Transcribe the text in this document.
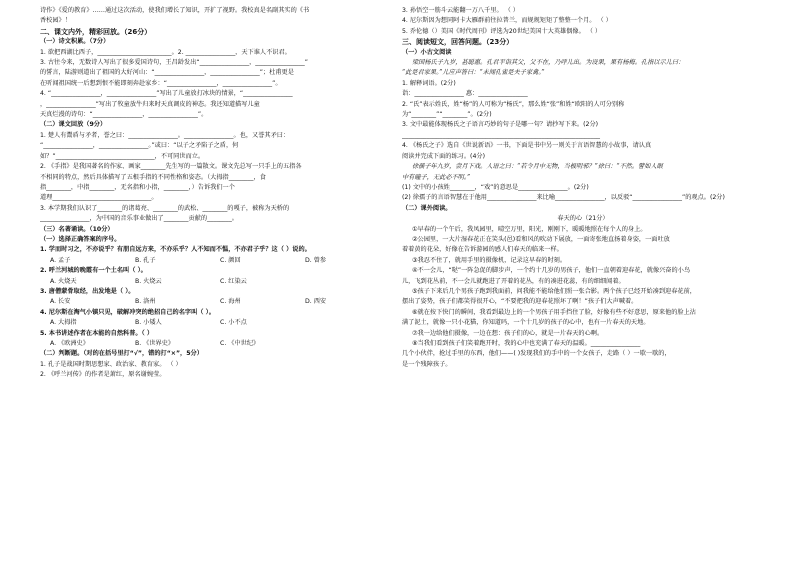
诗作》《爱的教育》……通过这次活动，使我们增长了知识，开扩了视野。我校真是名副其实的《书
香校园》！
二、课文内外，精彩回放。（26分）
（一）诗文积累。（7分）
1. 欲把西湖比西子，________________________。2. ________________，天下谁人不识君。
3. 古往今来，无数诗人写出了很多爱国诗句，王昌龄发出“________________，________________”
的誓言，陆游则道出了祖国的大好河山：“________________，________________”；杜甫更是
在听闻祖国统一后想到恨不能即刻奔赴家乡：“________________，________________”。
4. “________________，________________”写出了儿童放打冰块的情景，“________________
，________________”写出了牧童放牛归来时天真调皮的神态。我还知道描写儿童
天真烂漫的诗句：“________________，________________”。
（二）课文回放（9分）
1. 楚人有鬻盾与矛者，誉之曰：________________。________________。也，又誉其矛曰：
“________________，________________。”或曰：“以子之矛陷子之盾，何
如？”________________________________，不可同世而立。
2. 《手指》是我国著名的作家、画家________先生写的一篇散文。课文先总写一只手上的五指各
不相同的特点，然后具体描写了五根手指的不同性格和姿态。（大拇指________，食
指________，中指________，无名指和小指，________，）告诉我们一个
道理________________________________。
3. 本学期我们认识了________的诸葛亮、________的武松、________的嘎子，被称为天桥的
________________，为中国的音乐事业做出了________贡献的________。
（三）名著诵读。（10分）
（一）选择正确答案的序号。
1. 学而时习之，不亦说乎？有朋自远方来，不亦乐乎？人不知而不愠，不亦君子乎？这（ ）说的。
A. 孟子	B. 孔子	C. 颜回	D. 曾参
2. 呼兰河城的晚霞有一个土名叫（ ）。
A. 火烧天	B. 火烧云	C. 红染云
3. 唐僧蒙骨取经，出发地是（ ）。
A. 长安	B. 洛州	C. 海州	D. 西安
4. 尼尔斯在淘气小镇只见，破解冲突的绝招自己的名字叫（ ）。
A. 大拇指	B. 小矮人	C. 小不点
5. 本书讲述作者在本能的自然科普。（ ）
A. 《欧洲史》	B. 《世界史》	C. 《中世纪》
（二）判断题。（对的在括号里打“√”，错的打“×”，5分）
1. 孔子是战国时期思想家、政治家、教育家。 （ ）
2. 《呼兰河传》的作者是萧红，原名谢婉莹。
3. 孙悟空一筋斗云能翻一万八千里。 （ ）
4. 尼尔斯因为想同阿卡大雁群前往拉普兰，而规规矩矩了整整一个月。 （ ）
5. 乔伦德（）美国《时代周刊》评选为20世纪美国十大英雄偶像。 （ ）
三、阅读短文，回答问题。（23分）
（一）小古文阅读
梁国杨氏子九岁，甚聪惠。孔君平诣其父，父不在，乃呼儿出。为设果，果有杨梅。孔指以示儿曰：
“此是君家果。”儿应声答曰：“未闻孔雀是夫子家禽。”
1. 解释词语。(2分)
诣：________________ 惠：________________
2. “氏”表示姓氏，姓“杨”的人可称为“杨氏”，那么姓“张”和姓“欧阳的人可分别称
为“________”“________”。(2分)
3. 文中最能体现杨氏之子语言巧妙的句子是哪一句？请抄写下来。(2分)
________________________________________________________________
4. 《杨氏之子》选自《世说新语》一书，下面是书中另一则关于言语智慧的小故事，请认真
阅读并完成下面的练习。(4分)
徐孺子年九岁，尝月下戏。人语之曰：“若令月中无物，当极明邪？”徐曰：“不然。譬如人眼
中有瞳子，无此必不明。”
(1) 文中的小孩姓________，“戏”的意思是________________。(2分)
(2) 徐孺子的言语智慧在于他用________________来比喻________________，以反驳“________________”的观点。(2分)
（二）课外阅读。
春天的心（21分）
①早春的一个午后，我凤园里，晴空万里，阳光，刚刚下，暖暖地照在每个人的身上。
②公园里，一大片湿春花正在笑头(邑)看和风的吹动下展放，一面寄张地直扬着身姿，一面吐放
着着黄的花朵，好像在告诉游园的感人们春天的临来一样。
③我忍不住了，就用手里的摄像机，记录这早春的时刻。
④不一会儿，“哒”一阵急促的脚步声，一个约十几岁的男孩子，他们一直朝着迎春花，就像兴奋的小鸟
儿，飞到花丛前，不一会儿就跑进了开着的花丛，有的凑进花蕊，有的细细闻着。
⑤孩子下来后几个男孩子跑到我面前，问我能不能给他们照一张合影。两个孩子已经开始凑到迎春花前，
摆出了姿势，孩子们都笑得很开心，“不要把我的迎春花照坏了啊！”孩子们大声喊着。
⑥就在按下快门的瞬间，我看到最边上的一个男孩子用手挡住了脸，好像有些不好意思，原来他的脸上沾
满了泥土，就像一只小花猫，你知道吗，一个十几岁的孩子的心中，也有一片春天的天地。
⑦我一边给他们摄像，一边在想：孩子们的心，就是一片春天的心啊。
⑧当我们看到孩子们笑着跑开时，我的心中也充满了春天的温暖。________________
几个小伙伴，抢过手里的东西，他们——( )发现我们的手中的一个女孩子，走路（ ）一歇一歇的，
是一个残障孩子。
